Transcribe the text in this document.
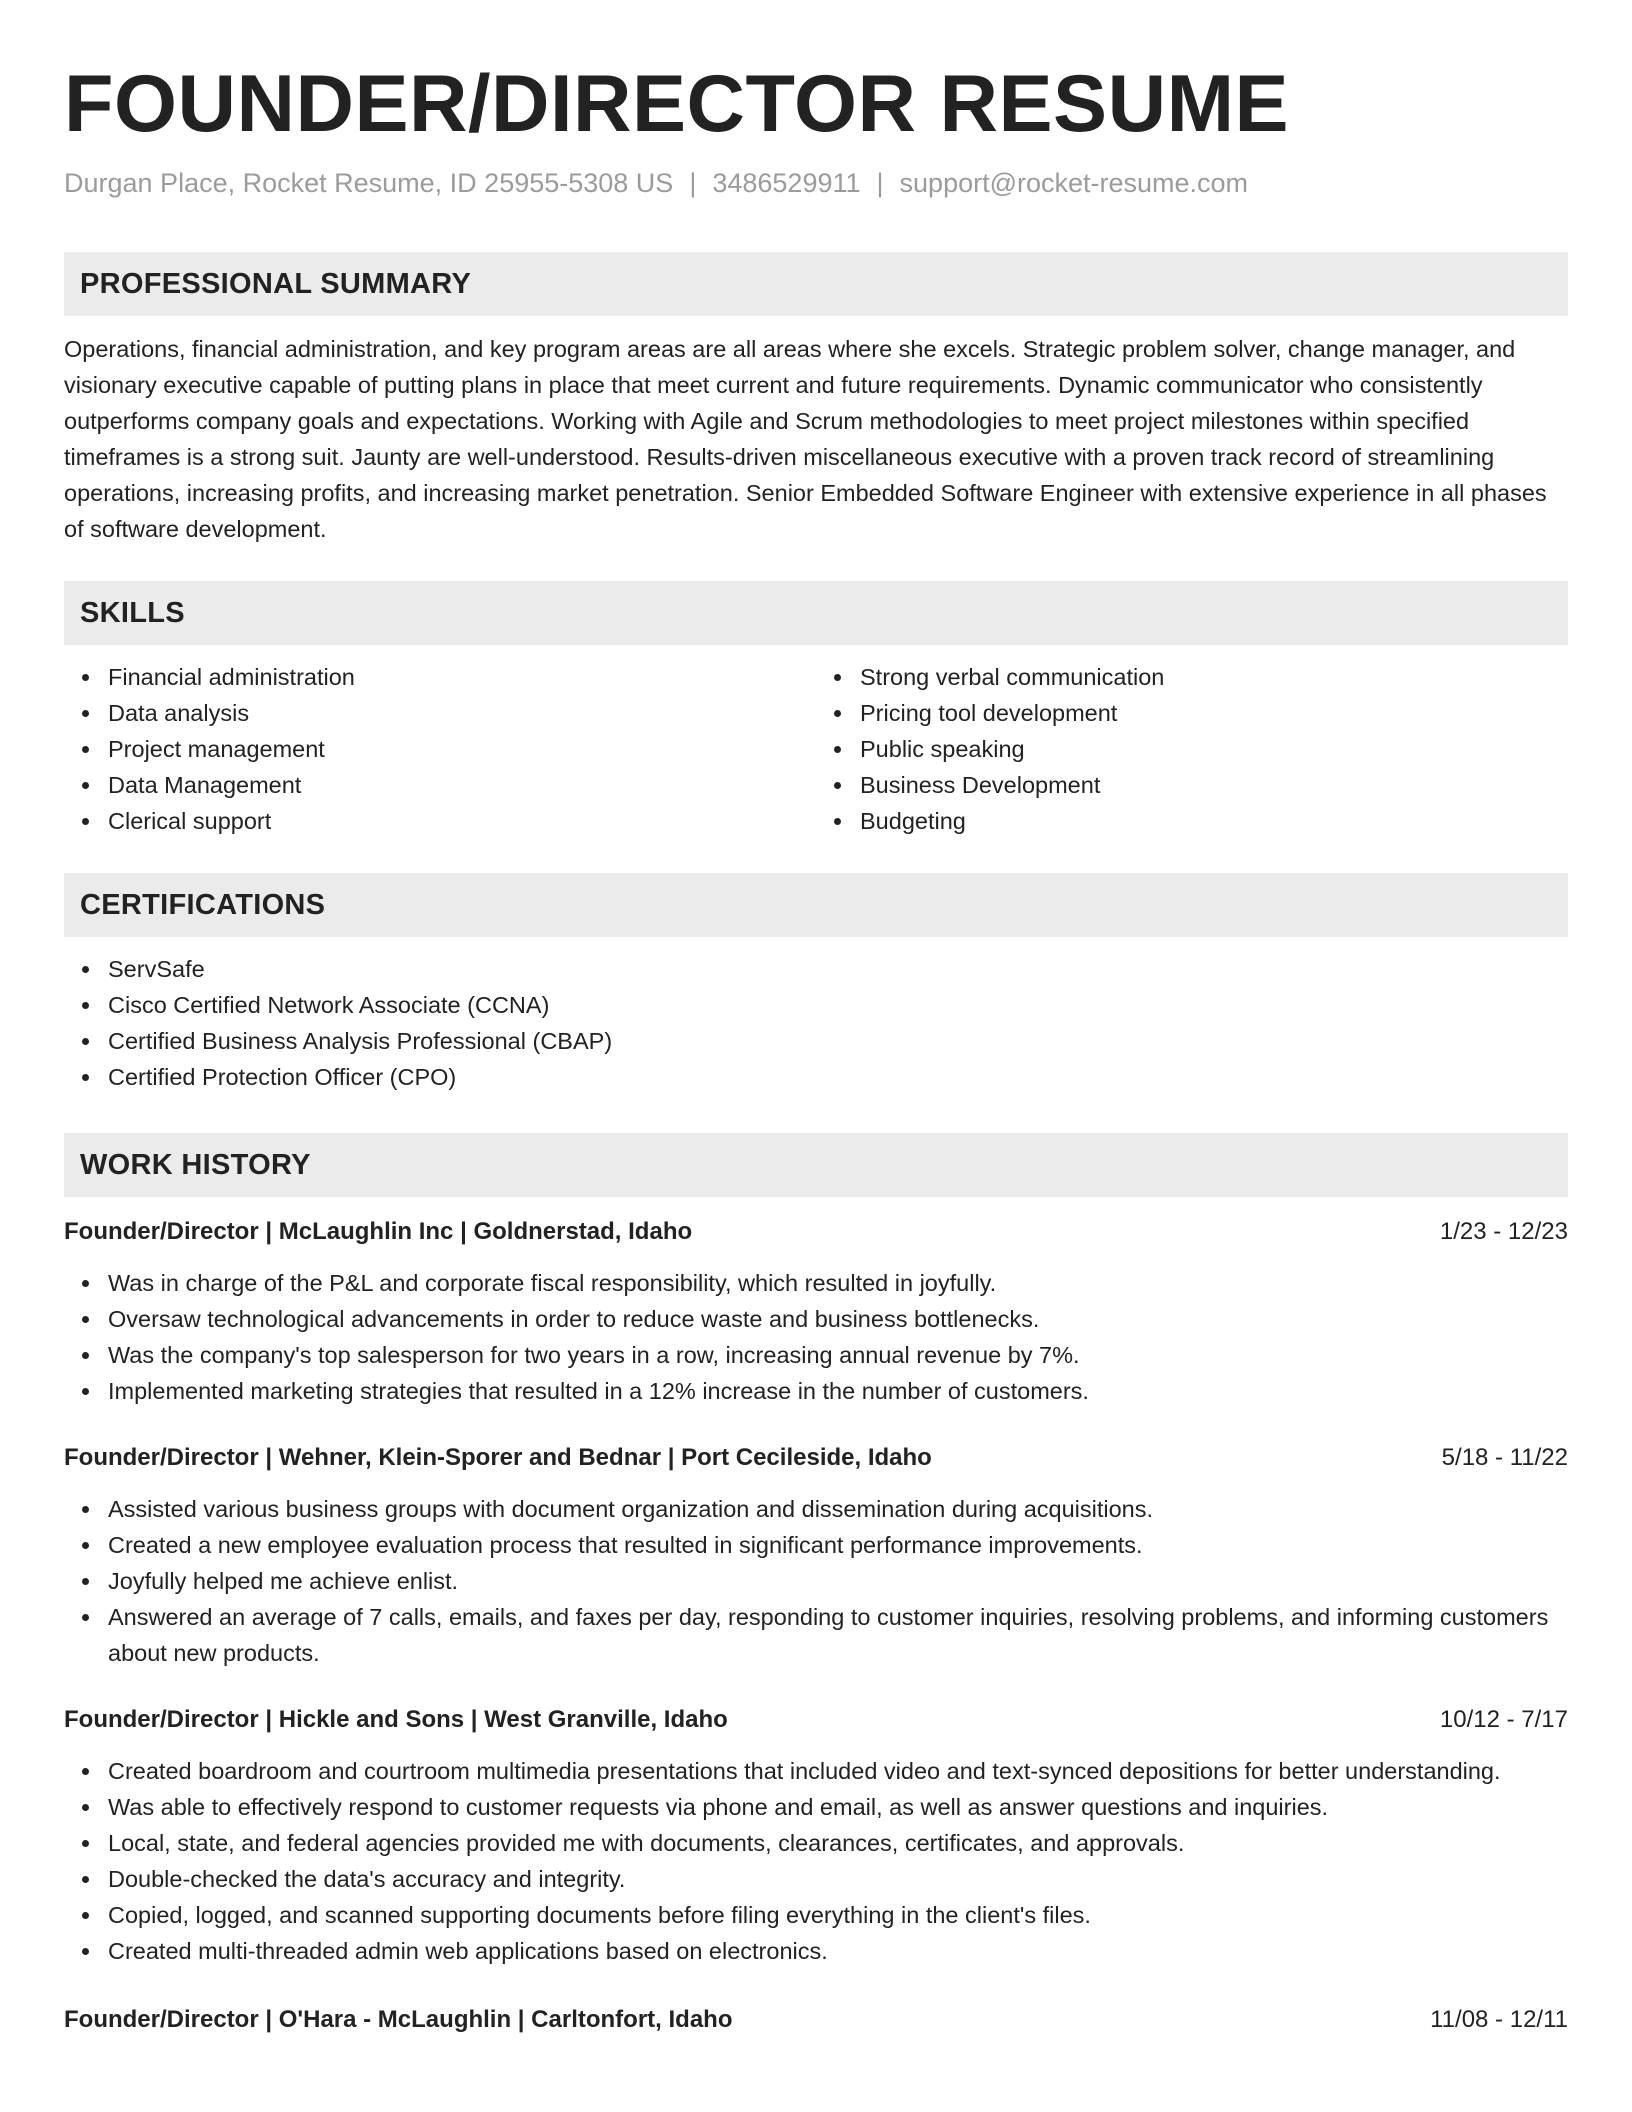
FOUNDER/DIRECTOR RESUME
Durgan Place, Rocket Resume, ID 25955-5308 US | 3486529911 | support@rocket-resume.com
PROFESSIONAL SUMMARY

Operations, financial administration, and key program areas are all areas where she excels. Strategic problem solver, change manager, and visionary executive capable of putting plans in place that meet current and future requirements. Dynamic communicator who consistently outperforms company goals and expectations. Working with Agile and Scrum methodologies to meet project milestones within specified timeframes is a strong suit. Jaunty are well-understood. Results-driven miscellaneous executive with a proven track record of streamlining operations, increasing profits, and increasing market penetration. Senior Embedded Software Engineer with extensive experience in all phases of software development.

SKILLS
Financial administration
Data analysis
Project management
Data Management
Clerical support
Strong verbal communication
Pricing tool development
Public speaking
Business Development
Budgeting
CERTIFICATIONS
ServSafe
Cisco Certified Network Associate (CCNA)
Certified Business Analysis Professional (CBAP)
Certified Protection Officer (CPO)
WORK HISTORY
Founder/Director | McLaughlin Inc | Goldnerstad, Idaho	1/23 - 12/23
Was in charge of the P&L and corporate fiscal responsibility, which resulted in joyfully.
Oversaw technological advancements in order to reduce waste and business bottlenecks.
Was the company's top salesperson for two years in a row, increasing annual revenue by 7%.
Implemented marketing strategies that resulted in a 12% increase in the number of customers.
Founder/Director | Wehner, Klein-Sporer and Bednar | Port Cecileside, Idaho	5/18 - 11/22
Assisted various business groups with document organization and dissemination during acquisitions.
Created a new employee evaluation process that resulted in significant performance improvements.
Joyfully helped me achieve enlist.
Answered an average of 7 calls, emails, and faxes per day, responding to customer inquiries, resolving problems, and informing customers about new products.
Founder/Director | Hickle and Sons | West Granville, Idaho	10/12 - 7/17
Created boardroom and courtroom multimedia presentations that included video and text-synced depositions for better understanding.
Was able to effectively respond to customer requests via phone and email, as well as answer questions and inquiries.
Local, state, and federal agencies provided me with documents, clearances, certificates, and approvals.
Double-checked the data's accuracy and integrity.
Copied, logged, and scanned supporting documents before filing everything in the client's files.
Created multi-threaded admin web applications based on electronics.
Founder/Director | O'Hara - McLaughlin | Carltonfort, Idaho	11/08 - 12/11
